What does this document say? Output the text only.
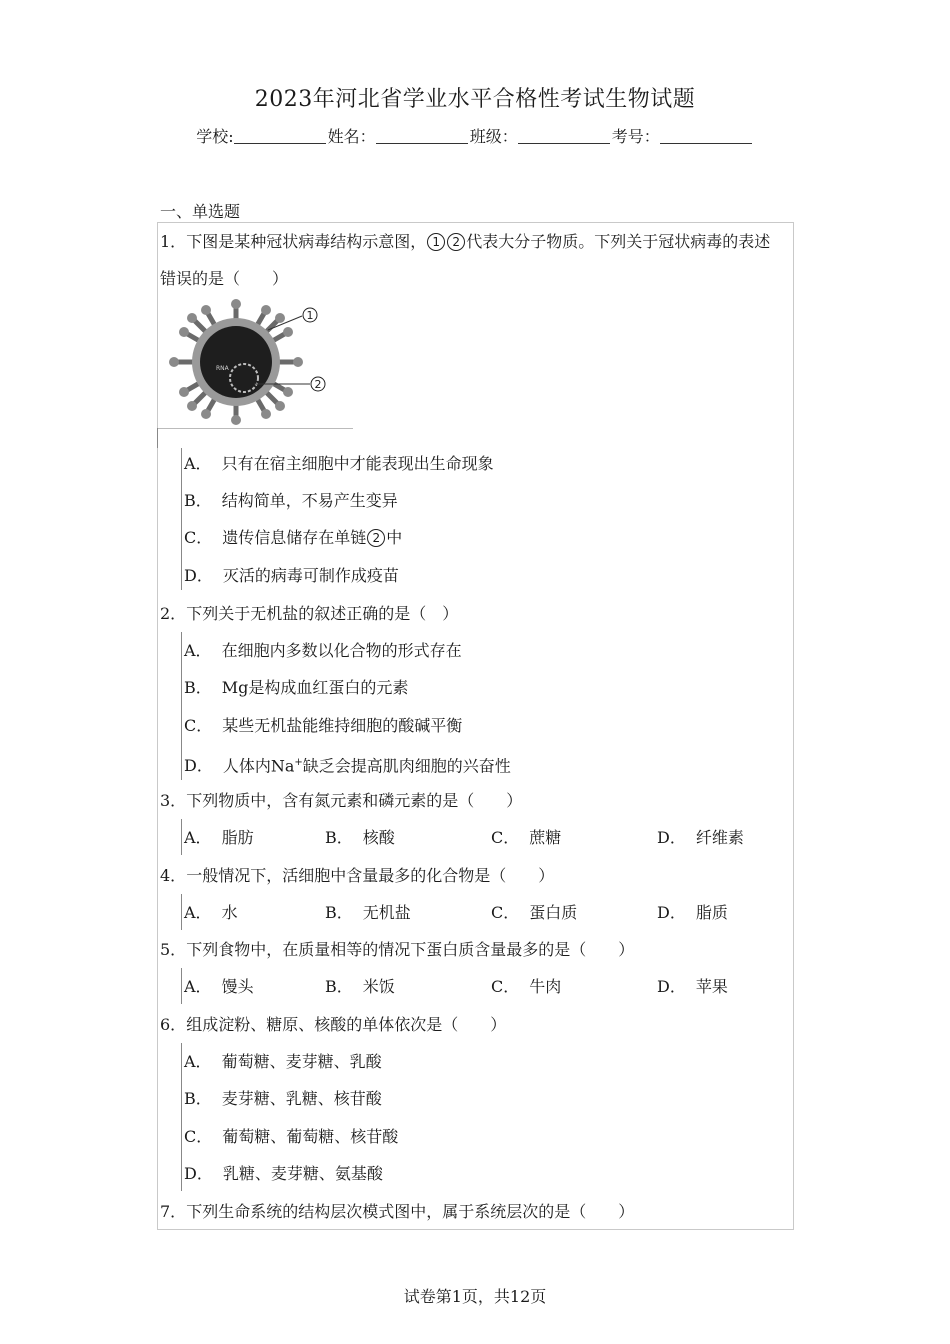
2023年河北省学业水平合格性考试生物试题
学校:	姓名：	班级：	考号：
一、单选题
1．下图是某种冠状病毒结构示意图， 1 2 代表大分子物质。下列关于冠状病毒的表述
错误的是（　　）
RNA
1
2
A． 只有在宿主细胞中才能表现出生命现象
B． 结构简单，不易产生变异
C． 遗传信息储存在单链 2 中
D． 灭活的病毒可制作成疫苗
2．下列关于无机盐的叙述正确的是（　）
A． 在细胞内多数以化合物的形式存在
B． Mg是构成血红蛋白的元素
C． 某些无机盐能维持细胞的酸碱平衡
D． 人体内Na+缺乏会提高肌肉细胞的兴奋性
3．下列物质中，含有氮元素和磷元素的是（　　）
A． 脂肪	B． 核酸	C． 蔗糖	D． 纤维素
4．一般情况下，活细胞中含量最多的化合物是（　　）
A． 水	B． 无机盐	C． 蛋白质	D． 脂质
5．下列食物中，在质量相等的情况下蛋白质含量最多的是（　　）
A． 馒头	B． 米饭	C． 牛肉	D． 苹果
6．组成淀粉、糖原、核酸的单体依次是（　　）
A． 葡萄糖、麦芽糖、乳酸
B． 麦芽糖、乳糖、核苷酸
C． 葡萄糖、葡萄糖、核苷酸
D． 乳糖、麦芽糖、氨基酸
7．下列生命系统的结构层次模式图中，属于系统层次的是（　　）
试卷第1页，共12页
